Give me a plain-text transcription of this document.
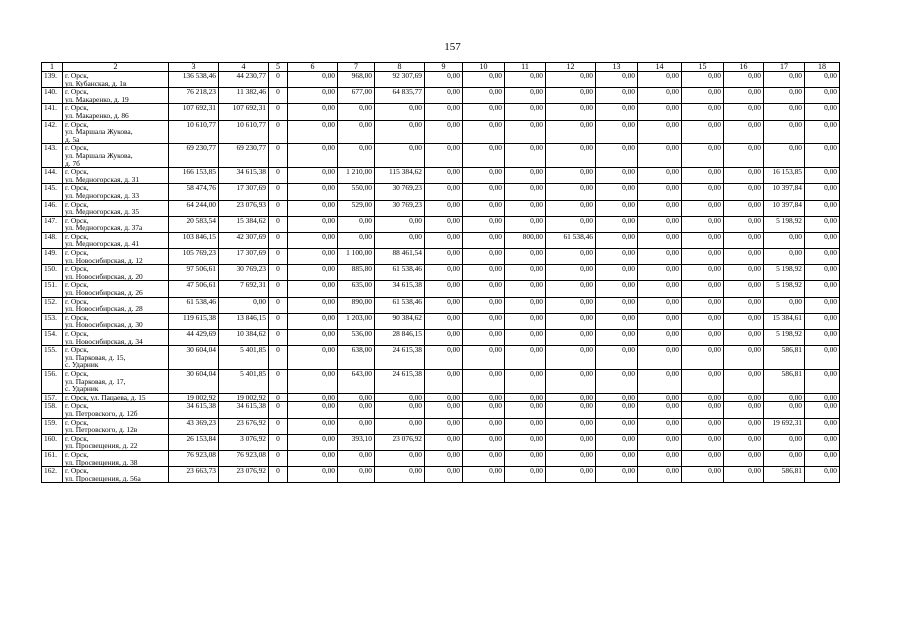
157
1	2	3	4	5	6	7	8	9	10	11	12	13	14	15	16	17	18
139.	г. Орск,
ул. Кубанская, д. 1в	136 538,46	44 230,77	0	0,00	968,00	92 307,69	0,00	0,00	0,00	0,00	0,00	0,00	0,00	0,00	0,00	0,00
140.	г. Орск,
ул. Макаренко, д. 19	76 218,23	11 382,46	0	0,00	677,00	64 835,77	0,00	0,00	0,00	0,00	0,00	0,00	0,00	0,00	0,00	0,00
141.	г. Орск,
ул. Макаренко, д. 86	107 692,31	107 692,31	0	0,00	0,00	0,00	0,00	0,00	0,00	0,00	0,00	0,00	0,00	0,00	0,00	0,00
142.	г. Орск,
ул. Маршала Жукова,
д. 5а	10 610,77	10 610,77	0	0,00	0,00	0,00	0,00	0,00	0,00	0,00	0,00	0,00	0,00	0,00	0,00	0,00
143.	г. Орск,
ул. Маршала Жукова,
д. 7б	69 230,77	69 230,77	0	0,00	0,00	0,00	0,00	0,00	0,00	0,00	0,00	0,00	0,00	0,00	0,00	0,00
144.	г. Орск,
ул. Медногорская, д. 31	166 153,85	34 615,38	0	0,00	1 210,00	115 384,62	0,00	0,00	0,00	0,00	0,00	0,00	0,00	0,00	16 153,85	0,00
145.	г. Орск,
ул. Медногорская, д. 33	58 474,76	17 307,69	0	0,00	550,00	30 769,23	0,00	0,00	0,00	0,00	0,00	0,00	0,00	0,00	10 397,84	0,00
146.	г. Орск,
ул. Медногорская, д. 35	64 244,00	23 076,93	0	0,00	529,00	30 769,23	0,00	0,00	0,00	0,00	0,00	0,00	0,00	0,00	10 397,84	0,00
147.	г. Орск,
ул. Медногорская, д. 37а	20 583,54	15 384,62	0	0,00	0,00	0,00	0,00	0,00	0,00	0,00	0,00	0,00	0,00	0,00	5 198,92	0,00
148.	г. Орск,
ул. Медногорская, д. 41	103 846,15	42 307,69	0	0,00	0,00	0,00	0,00	0,00	800,00	61 538,46	0,00	0,00	0,00	0,00	0,00	0,00
149.	г. Орск,
ул. Новосибирская, д. 12	105 769,23	17 307,69	0	0,00	1 100,00	88 461,54	0,00	0,00	0,00	0,00	0,00	0,00	0,00	0,00	0,00	0,00
150.	г. Орск,
ул. Новосибирская, д. 20	97 506,61	30 769,23	0	0,00	885,80	61 538,46	0,00	0,00	0,00	0,00	0,00	0,00	0,00	0,00	5 198,92	0,00
151.	г. Орск,
ул. Новосибирская, д. 26	47 506,61	7 692,31	0	0,00	635,00	34 615,38	0,00	0,00	0,00	0,00	0,00	0,00	0,00	0,00	5 198,92	0,00
152.	г. Орск,
ул. Новосибирская, д. 28	61 538,46	0,00	0	0,00	890,00	61 538,46	0,00	0,00	0,00	0,00	0,00	0,00	0,00	0,00	0,00	0,00
153.	г. Орск,
ул. Новосибирская, д. 30	119 615,38	13 846,15	0	0,00	1 203,00	90 384,62	0,00	0,00	0,00	0,00	0,00	0,00	0,00	0,00	15 384,61	0,00
154.	г. Орск,
ул. Новосибирская, д. 34	44 429,69	10 384,62	0	0,00	536,00	28 846,15	0,00	0,00	0,00	0,00	0,00	0,00	0,00	0,00	5 198,92	0,00
155.	г. Орск,
ул. Парковая, д. 15,
с. Ударник	30 604,04	5 401,85	0	0,00	638,00	24 615,38	0,00	0,00	0,00	0,00	0,00	0,00	0,00	0,00	586,81	0,00
156.	г. Орск,
ул. Парковая, д. 17,
с. Ударник	30 604,04	5 401,85	0	0,00	643,00	24 615,38	0,00	0,00	0,00	0,00	0,00	0,00	0,00	0,00	586,81	0,00
157.	г. Орск, ул. Пацаева, д. 15	19 002,92	19 002,92	0	0,00	0,00	0,00	0,00	0,00	0,00	0,00	0,00	0,00	0,00	0,00	0,00	0,00
158.	г. Орск,
ул. Петровского, д. 12б	34 615,38	34 615,38	0	0,00	0,00	0,00	0,00	0,00	0,00	0,00	0,00	0,00	0,00	0,00	0,00	0,00
159.	г. Орск,
ул. Петровского, д. 12в	43 369,23	23 676,92	0	0,00	0,00	0,00	0,00	0,00	0,00	0,00	0,00	0,00	0,00	0,00	19 692,31	0,00
160.	г. Орск,
ул. Просвещения, д. 22	26 153,84	3 076,92	0	0,00	393,10	23 076,92	0,00	0,00	0,00	0,00	0,00	0,00	0,00	0,00	0,00	0,00
161.	г. Орск,
ул. Просвещения, д. 38	76 923,08	76 923,08	0	0,00	0,00	0,00	0,00	0,00	0,00	0,00	0,00	0,00	0,00	0,00	0,00	0,00
162.	г. Орск,
ул. Просвещения, д. 56а	23 663,73	23 076,92	0	0,00	0,00	0,00	0,00	0,00	0,00	0,00	0,00	0,00	0,00	0,00	586,81	0,00
